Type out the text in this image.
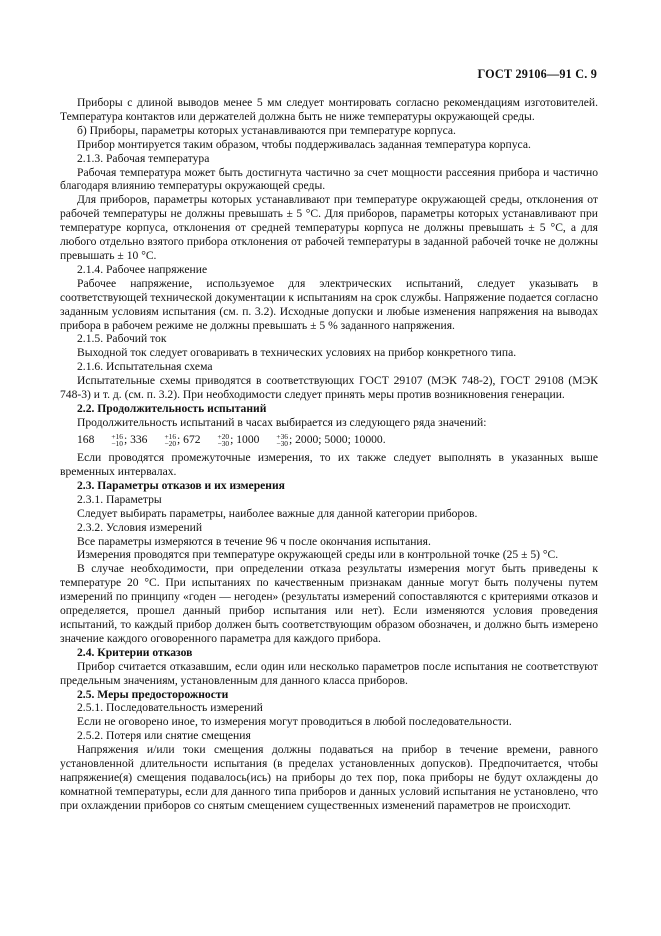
ГОСТ 29106—91 С. 9

Приборы с длиной выводов менее 5 мм следует монтировать согласно рекомендациям изготовителей. Температура контактов или держателей должна быть не ниже температуры окружающей среды.

б) Приборы, параметры которых устанавливаются при температуре корпуса.

Прибор монтируется таким образом, чтобы поддерживалась заданная температура корпуса.

2.1.3. Рабочая температура

Рабочая температура может быть достигнута частично за счет мощности рассеяния прибора и частично благодаря влиянию температуры окружающей среды.

Для приборов, параметры которых устанавливают при температуре окружающей среды, отклонения от рабочей температуры не должны превышать ± 5 °С. Для приборов, параметры которых устанавливают при температуре корпуса, отклонения от средней температуры корпуса не должны превышать ± 5 °С, а для любого отдельно взятого прибора отклонения от рабочей температуры в заданной рабочей точке не должны превышать ± 10 °С.

2.1.4. Рабочее напряжение

Рабочее напряжение, используемое для электрических испытаний, следует указывать в соответствующей технической документации к испытаниям на срок службы. Напряжение подается согласно заданным условиям испытания (см. п. 3.2). Исходные допуски и любые изменения напряжения на выводах прибора в рабочем режиме не должны превышать ± 5 % заданного напряжения.

2.1.5. Рабочий ток

Выходной ток следует оговаривать в технических условиях на прибор конкретного типа.

2.1.6. Испытательная схема

Испытательные схемы приводятся в соответствующих ГОСТ 29107 (МЭК 748-2), ГОСТ 29108 (МЭК 748-3) и т. д. (см. п. 3.2). При необходимости следует принять меры против возникновения генерации.

2.2. Продолжительность испытаний

Продолжительность испытаний в часах выбирается из следующего ряда значений:

168	+16
−10 ; 336	+16
−20 ; 672	+20
−30 ; 1000	+36
−30 ; 2000; 5000; 10000.

Если проводятся промежуточные измерения, то их также следует выполнять в указанных выше временных интервалах.

2.3. Параметры отказов и их измерения

2.3.1. Параметры

Следует выбирать параметры, наиболее важные для данной категории приборов.

2.3.2. Условия измерений

Все параметры измеряются в течение 96 ч после окончания испытания.

Измерения проводятся при температуре окружающей среды или в контрольной точке (25 ± 5) °С.

В случае необходимости, при определении отказа результаты измерения могут быть приведены к температуре 20 °С. При испытаниях по качественным признакам данные могут быть получены путем измерений по принципу «годен — негоден» (результаты измерений сопоставляются с критериями отказов и определяется, прошел данный прибор испытания или нет). Если изменяются условия проведения испытаний, то каждый прибор должен быть соответствующим образом обозначен, и должно быть измерено значение каждого оговоренного параметра для каждого прибора.

2.4. Критерии отказов

Прибор считается отказавшим, если один или несколько параметров после испытания не соответствуют предельным значениям, установленным для данного класса приборов.

2.5. Меры предосторожности

2.5.1. Последовательность измерений

Если не оговорено иное, то измерения могут проводиться в любой последовательности.

2.5.2. Потеря или снятие смещения

Напряжения и/или токи смещения должны подаваться на прибор в течение времени, равного установленной длительности испытания (в пределах установленных допусков). Предпочитается, чтобы напряжение(я) смещения подавалось(ись) на приборы до тех пор, пока приборы не будут охлаждены до комнатной температуры, если для данного типа приборов и данных условий испытания не установлено, что при охлаждении приборов со снятым смещением существенных изменений параметров не происходит.
